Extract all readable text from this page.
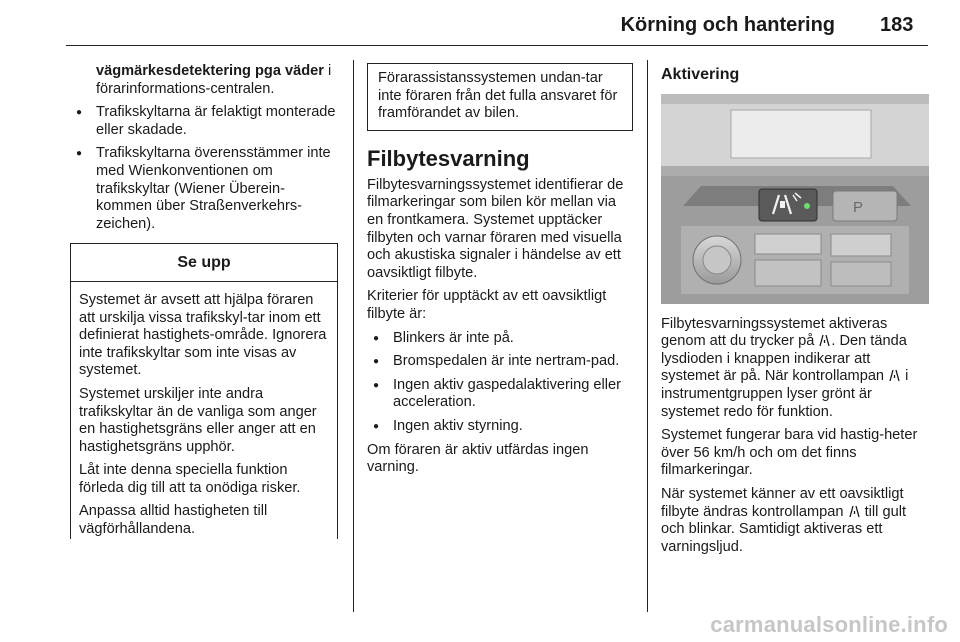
Körning och hantering 183
vägmärkesdetektering pga väder i förarinformations-centralen.
● Trafikskyltarna är felaktigt monterade eller skadade.
● Trafikskyltarna överensstämmer inte med Wienkonventionen om trafikskyltar (Wiener Überein-kommen über Straßenverkehrs-zeichen).
Se upp

Systemet är avsett att hjälpa föraren att urskilja vissa trafikskyl-tar inom ett definierat hastighets-område. Ignorera inte trafikskyltar som inte visas av systemet.

Systemet urskiljer inte andra trafikskyltar än de vanliga som anger en hastighetsgräns eller anger att en hastighetsgräns upphör.

Låt inte denna speciella funktion förleda dig till att ta onödiga risker.

Anpassa alltid hastigheten till vägförhållandena.

Förarassistanssystemen undan-tar inte föraren från det fulla ansvaret för framförandet av bilen.
Filbytesvarning

Filbytesvarningssystemet identifierar de filmarkeringar som bilen kör mellan via en frontkamera. Systemet upptäcker filbyten och varnar föraren med visuella och akustiska signaler i händelse av ett oavsiktligt filbyte.

Kriterier för upptäckt av ett oavsiktligt filbyte är:

● Blinkers är inte på.
● Bromspedalen är inte nertram-pad.
● Ingen aktiv gaspedalaktivering eller acceleration.
● Ingen aktiv styrning.

Om föraren är aktiv utfärdas ingen varning.

Aktivering
P

Filbytesvarningssystemet aktiveras genom att du trycker på . Den tända lysdioden i knappen indikerar att systemet är på. När kontrollampan  i instrumentgruppen lyser grönt är systemet redo för funktion.

Systemet fungerar bara vid hastig-heter över 56 km/h och om det finns filmarkeringar.

När systemet känner av ett oavsiktligt filbyte ändras kontrollampan  till gult och blinkar. Samtidigt aktiveras ett varningsljud.

carmanualsonline.info
